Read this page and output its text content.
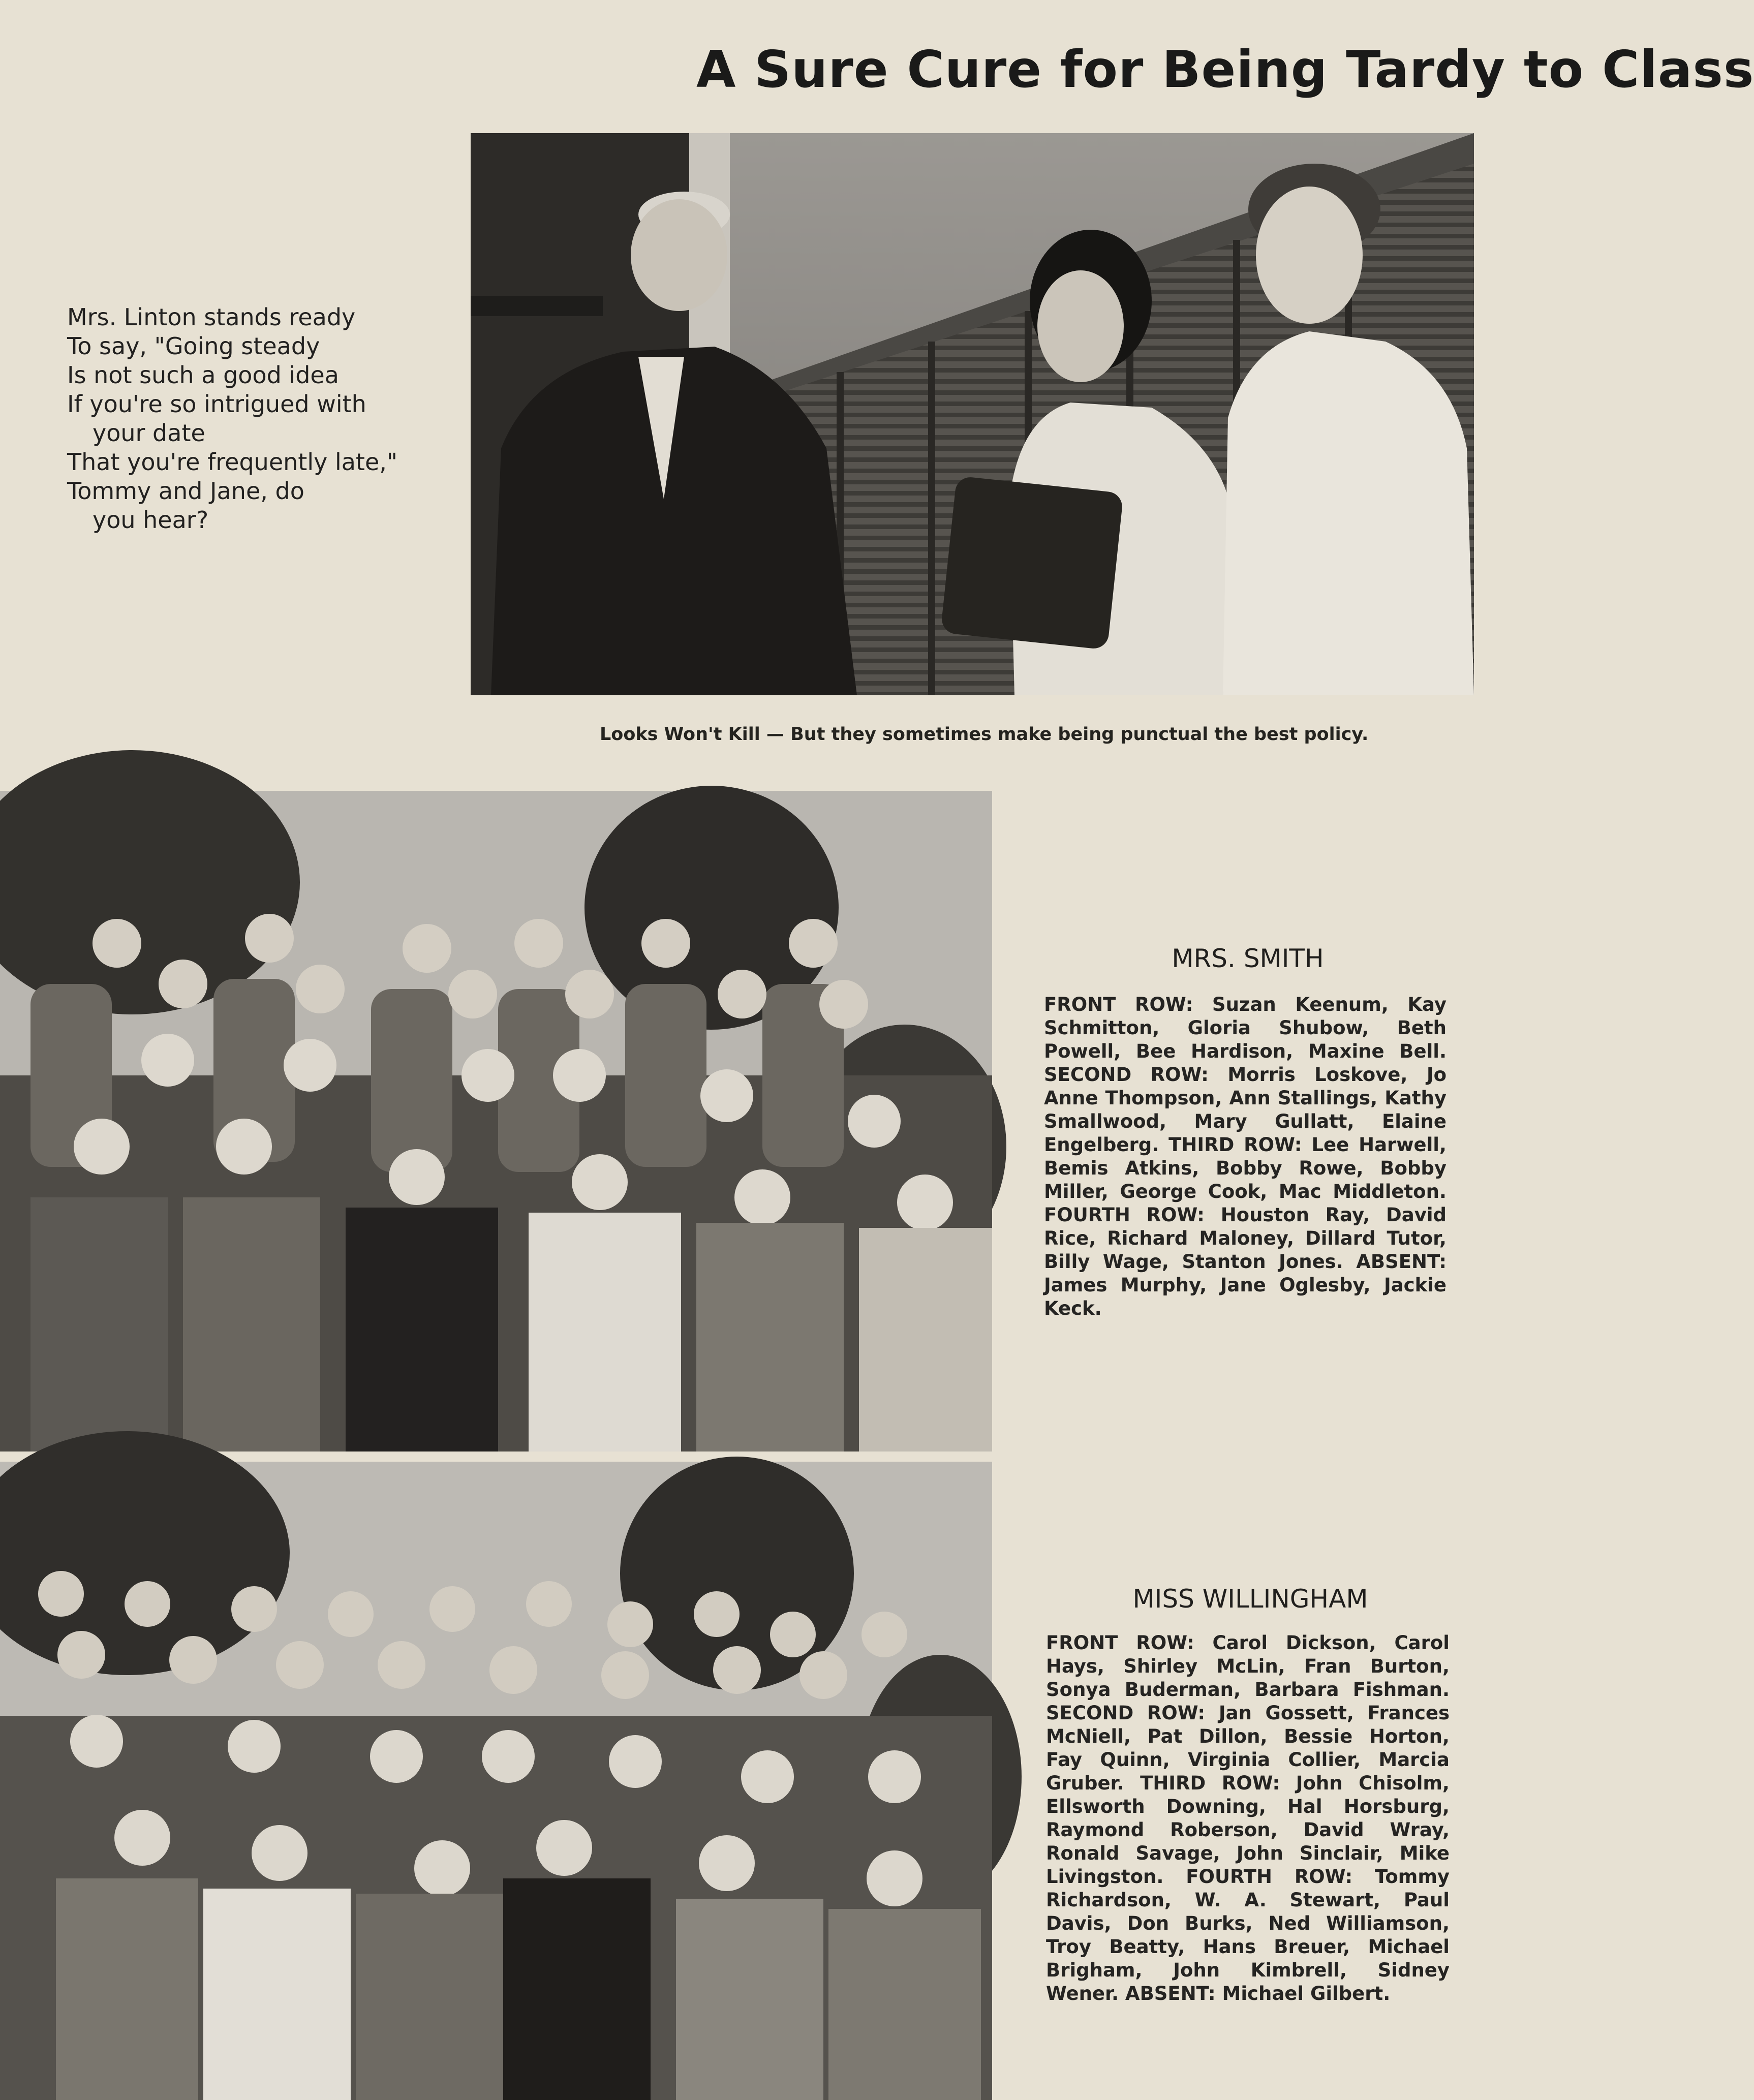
A Sure Cure for Being Tardy to Class
Mrs. Linton stands ready
To say, "Going steady
Is not such a good idea
If you're so intrigued with
your date
That you're frequently late,"
Tommy and Jane, do
you hear?
Looks Won't Kill — But they sometimes make being punctual the best policy.
MRS. SMITH
FRONT ROW: Suzan Keenum, Kay Schmitton, Gloria Shubow, Beth Powell, Bee Hardison, Maxine Bell. SECOND ROW: Morris Loskove, Jo Anne Thompson, Ann Stallings, Kathy Smallwood, Mary Gullatt, Elaine Engelberg. THIRD ROW: Lee Harwell, Bemis Atkins, Bobby Rowe, Bobby Miller, George Cook, Mac Middleton. FOURTH ROW: Houston Ray, David Rice, Richard Maloney, Dillard Tutor, Billy Wage, Stanton Jones. ABSENT: James Murphy, Jane Oglesby, Jackie Keck.
MISS WILLINGHAM
FRONT ROW: Carol Dickson, Carol Hays, Shirley McLin, Fran Burton, Sonya Buderman, Barbara Fishman. SECOND ROW: Jan Gossett, Frances McNiell, Pat Dillon, Bessie Horton, Fay Quinn, Virginia Collier, Marcia Gruber. THIRD ROW: John Chisolm, Ellsworth Downing, Hal Horsburg, Raymond Roberson, David Wray, Ronald Savage, John Sinclair, Mike Livingston. FOURTH ROW: Tommy Richardson, W. A. Stewart, Paul Davis, Don Burks, Ned Williamson, Troy Beatty, Hans Breuer, Michael Brigham, John Kimbrell, Sidney Wener. ABSENT: Michael Gilbert.
